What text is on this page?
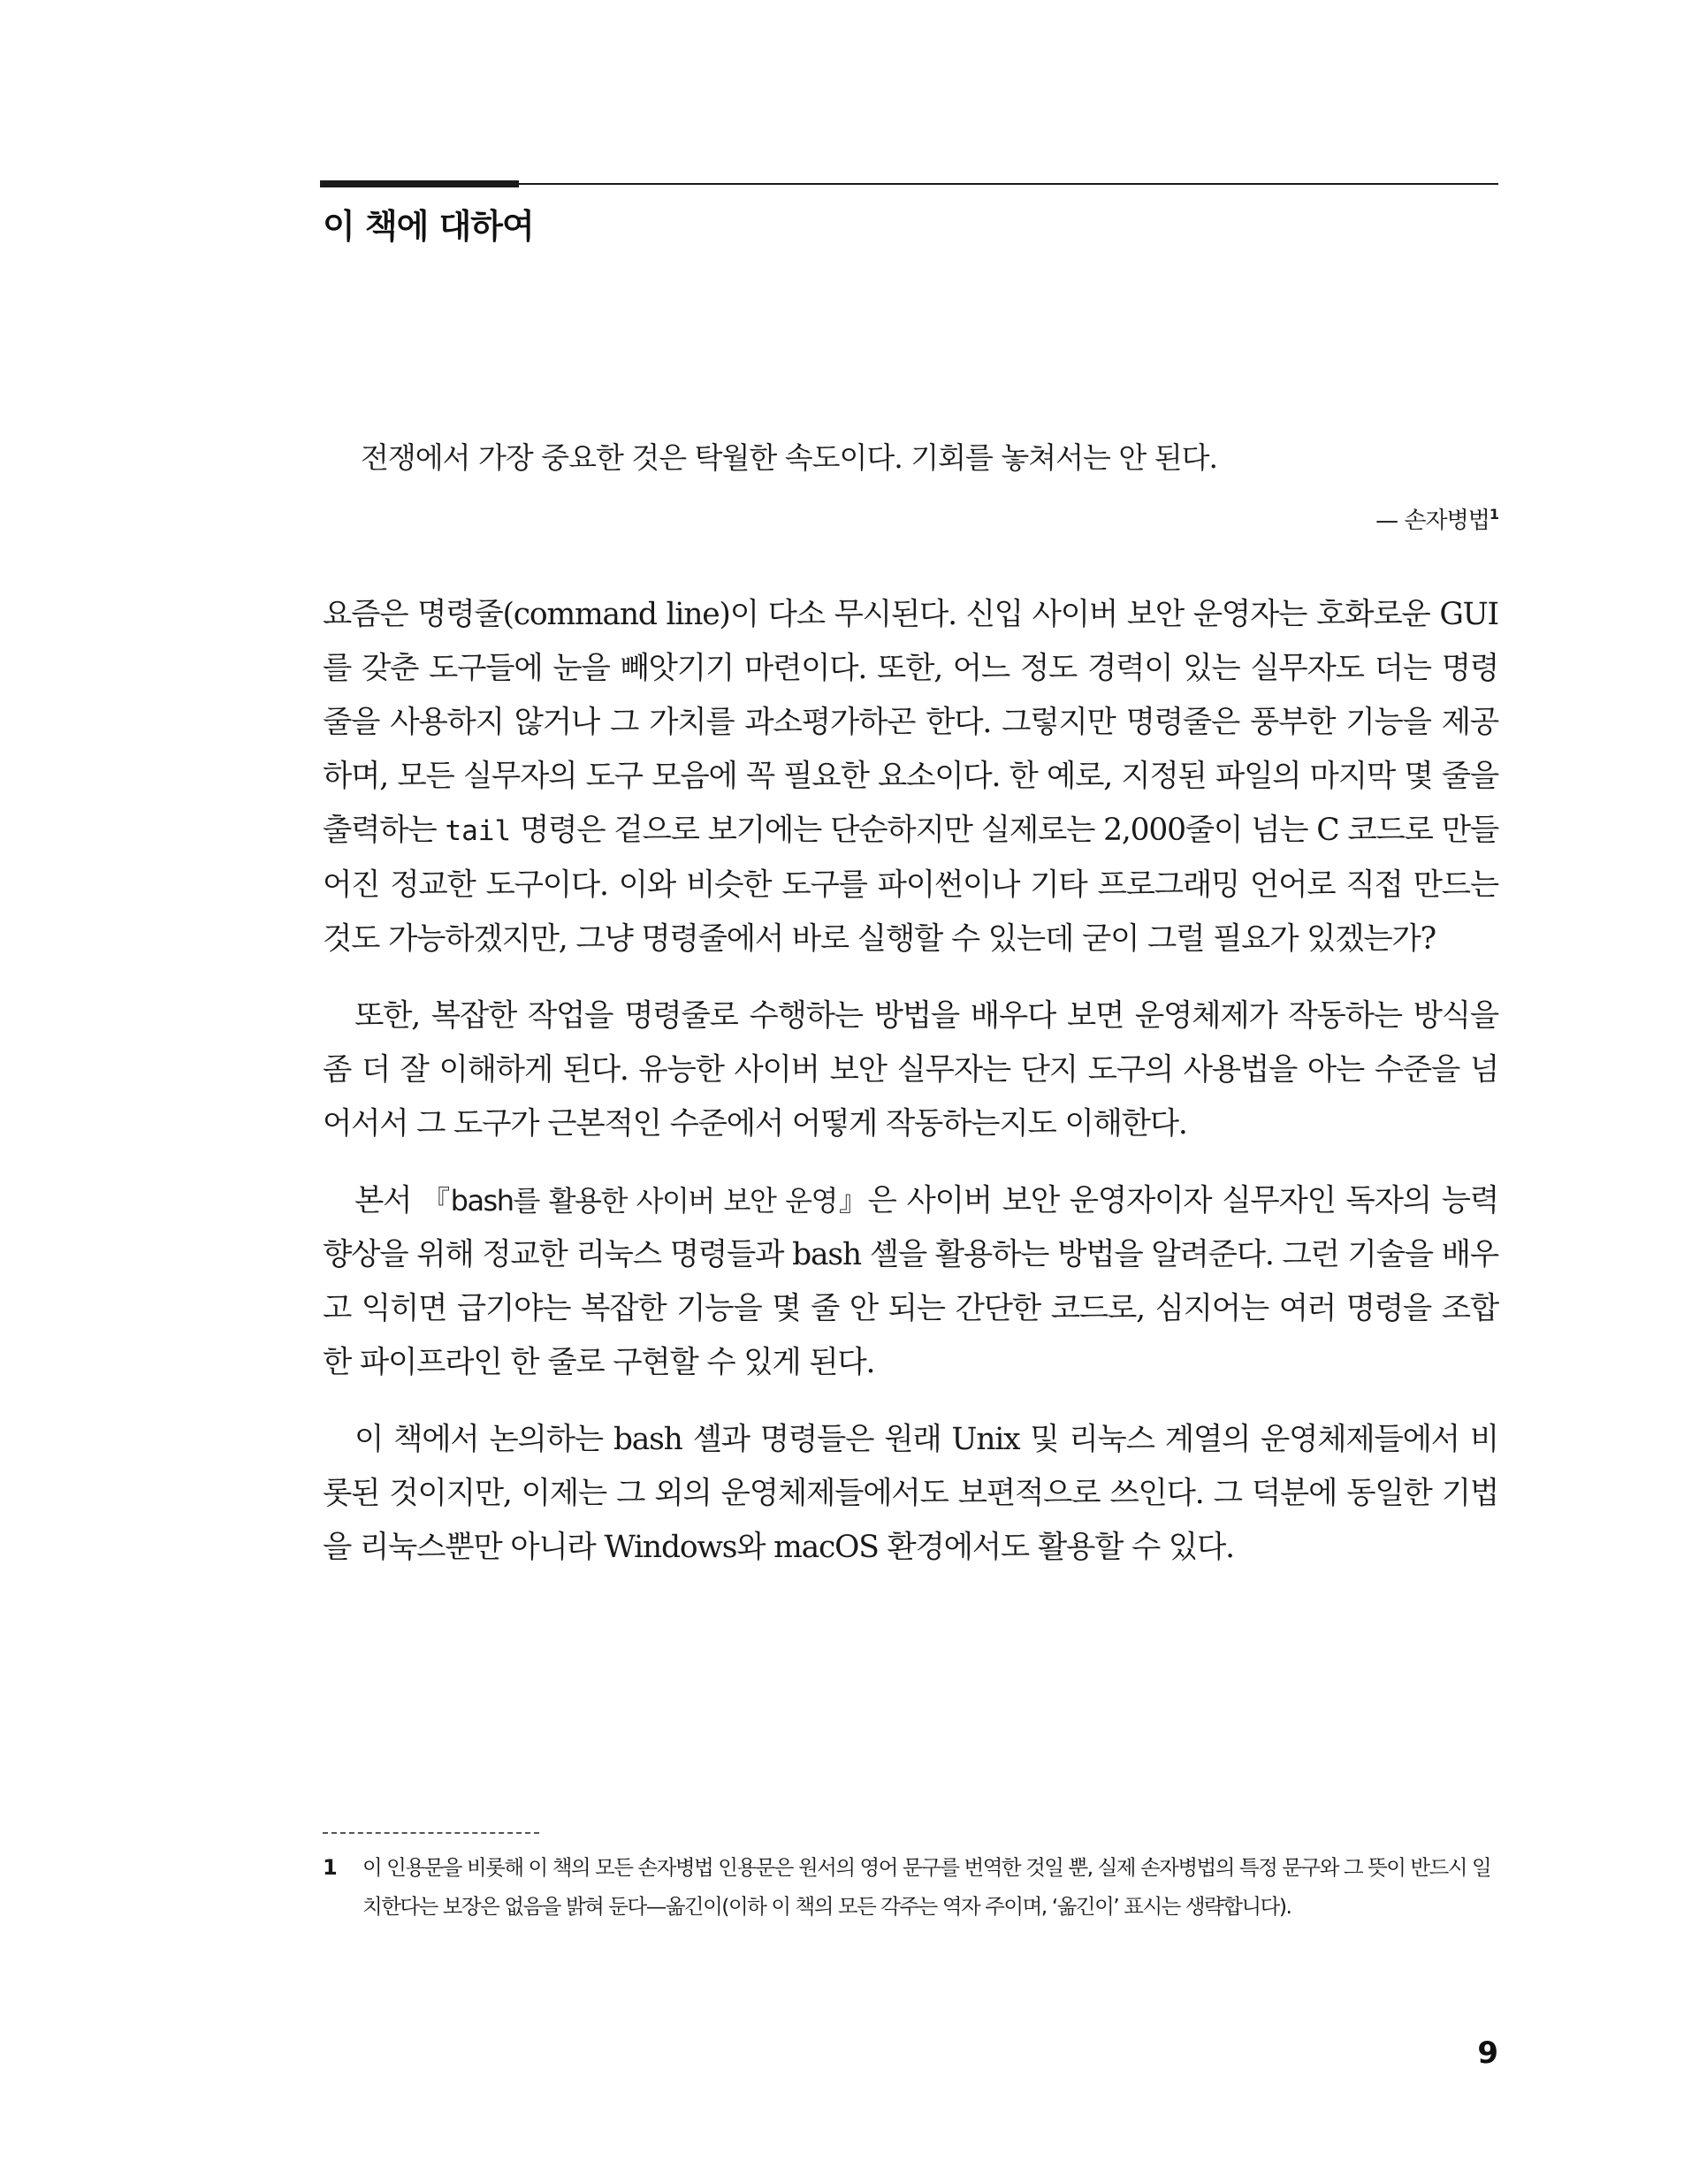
이 책에 대하여

전쟁에서 가장 중요한 것은 탁월한 속도이다. 기회를 놓쳐서는 안 된다.

— 손자병법$^1$

요즘은 명령줄(command line)이 다소 무시된다. 신입 사이버 보안 운영자는 호화로운 GUI를 갖춘 도구들에 눈을 빼앗기기 마련이다. 또한, 어느 정도 경력이 있는 실무자도 더는 명령줄을 사용하지 않거나 그 가치를 과소평가하곤 한다. 그렇지만 명령줄은 풍부한 기능을 제공하며, 모든 실무자의 도구 모음에 꼭 필요한 요소이다. 한 예로, 지정된 파일의 마지막 몇 줄을 출력하는 tail 명령은 겉으로 보기에는 단순하지만 실제로는 2,000줄이 넘는 C 코드로 만들어진 정교한 도구이다. 이와 비슷한 도구를 파이썬이나 기타 프로그래밍 언어로 직접 만드는 것도 가능하겠지만, 그냥 명령줄에서 바로 실행할 수 있는데 굳이 그럴 필요가 있겠는가?

또한, 복잡한 작업을 명령줄로 수행하는 방법을 배우다 보면 운영체제가 작동하는 방식을 좀 더 잘 이해하게 된다. 유능한 사이버 보안 실무자는 단지 도구의 사용법을 아는 수준을 넘어서서 그 도구가 근본적인 수준에서 어떻게 작동하는지도 이해한다.

본서 『bash를 활용한 사이버 보안 운영』은 사이버 보안 운영자이자 실무자인 독자의 능력 향상을 위해 정교한 리눅스 명령들과 bash 셸을 활용하는 방법을 알려준다. 그런 기술을 배우고 익히면 급기야는 복잡한 기능을 몇 줄 안 되는 간단한 코드로, 심지어는 여러 명령을 조합한 파이프라인 한 줄로 구현할 수 있게 된다.

이 책에서 논의하는 bash 셸과 명령들은 원래 Unix 및 리눅스 계열의 운영체제들에서 비롯된 것이지만, 이제는 그 외의 운영체제들에서도 보편적으로 쓰인다. 그 덕분에 동일한 기법을 리눅스뿐만 아니라 Windows와 macOS 환경에서도 활용할 수 있다.

1 이 인용문을 비롯해 이 책의 모든 손자병법 인용문은 원서의 영어 문구를 번역한 것일 뿐, 실제 손자병법의 특정 문구와 그 뜻이 반드시 일치한다는 보장은 없음을 밝혀 둔다—옮긴이(이하 이 책의 모든 각주는 역자 주이며, ‘옮긴이’ 표시는 생략합니다).
9
